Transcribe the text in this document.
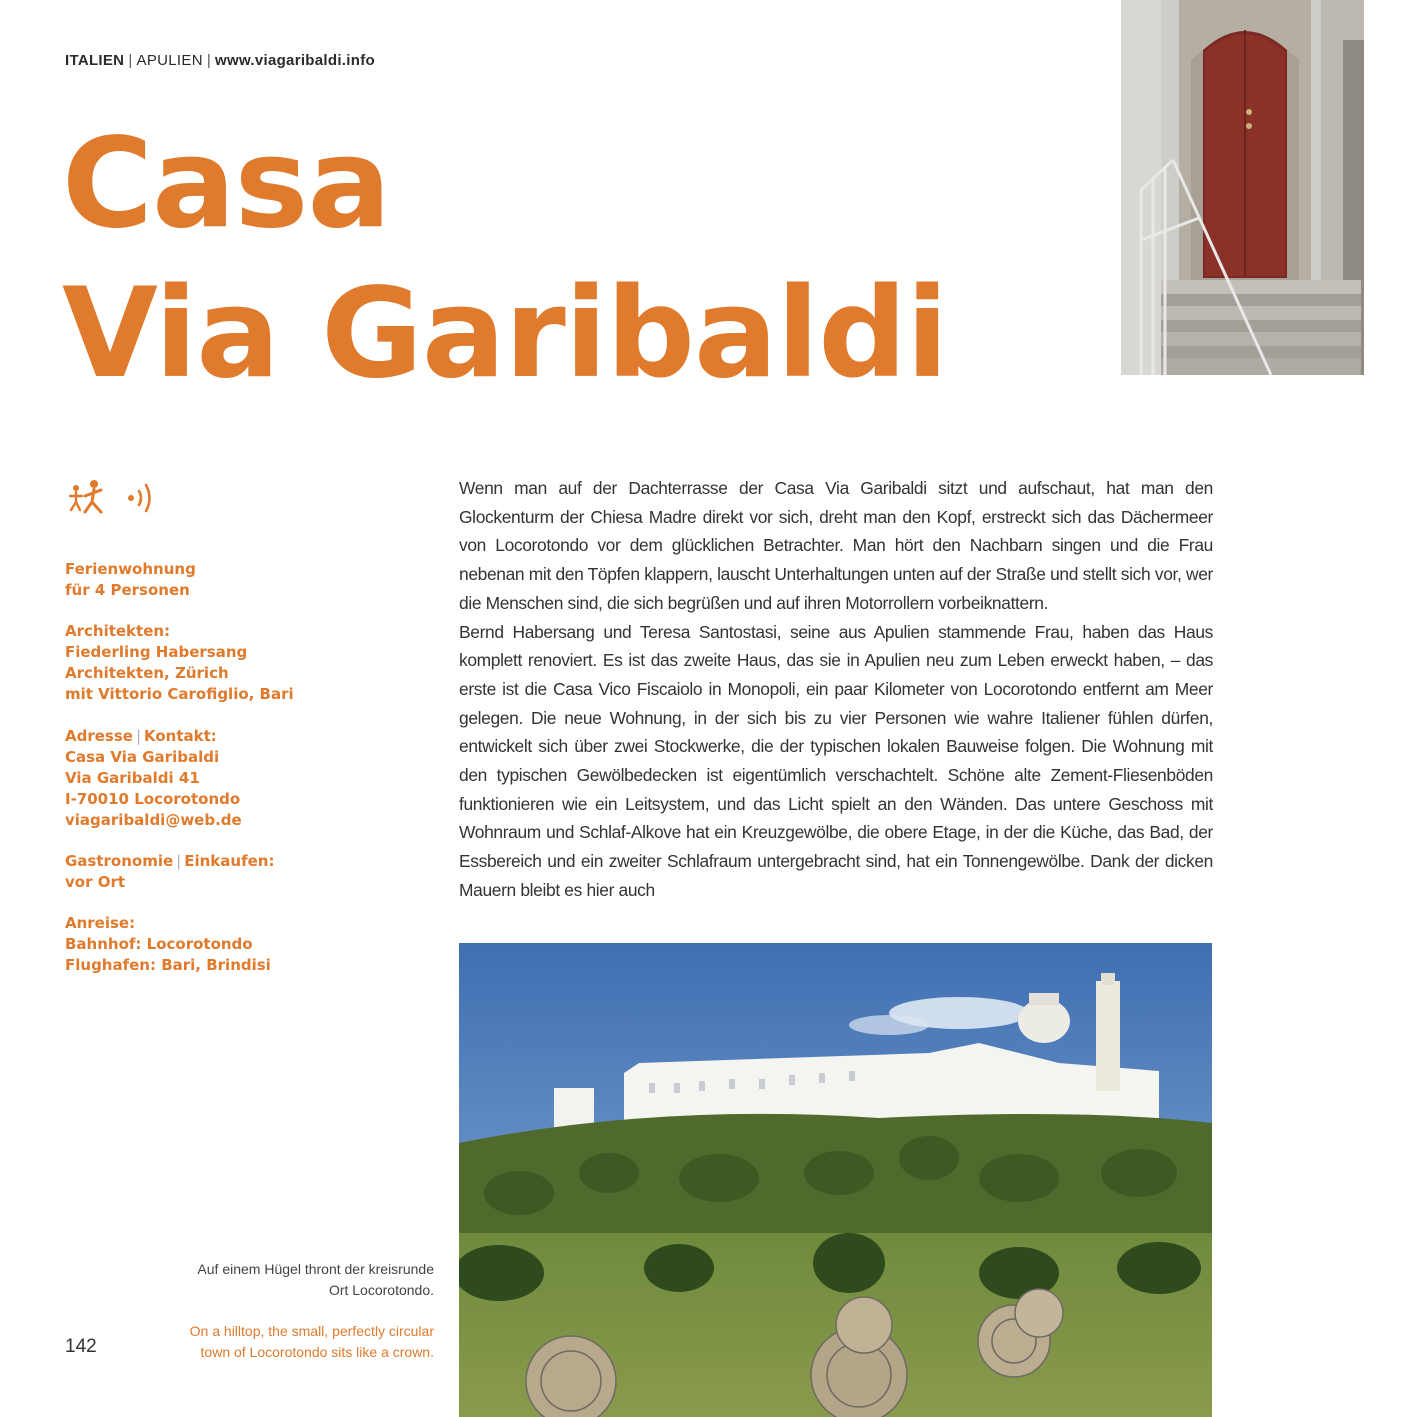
ITALIEN | APULIEN | www.viagaribaldi.info
Casa
Via Garibaldi
Ferienwohnung
für 4 Personen
Architekten:
Fiederling Habersang
Architekten, Zürich
mit Vittorio Carofiglio, Bari
Adresse | Kontakt:
Casa Via Garibaldi
Via Garibaldi 41
I-70010 Locorotondo
viagaribaldi@web.de
Gastronomie | Einkaufen:
vor Ort
Anreise:
Bahnhof: Locorotondo
Flughafen: Bari, Brindisi

Wenn man auf der Dachterrasse der Casa Via Garibaldi sitzt und aufschaut, hat man den Glockenturm der Chiesa Madre direkt vor sich, dreht man den Kopf, erstreckt sich das Dächermeer von Locorotondo vor dem glücklichen Betrachter. Man hört den Nachbarn singen und die Frau nebenan mit den Töpfen klappern, lauscht Unterhaltungen unten auf der Straße und stellt sich vor, wer die Menschen sind, die sich begrüßen und auf ihren Motorrollern vorbeiknattern.

Bernd Habersang und Teresa Santostasi, seine aus Apulien stammende Frau, haben das Haus komplett renoviert. Es ist das zweite Haus, das sie in Apulien neu zum Leben erweckt haben, – das erste ist die Casa Vico Fiscaiolo in Monopoli, ein paar Kilometer von Locorotondo entfernt am Meer gelegen. Die neue Wohnung, in der sich bis zu vier Personen wie wahre Italiener fühlen dürfen, entwickelt sich über zwei Stockwerke, die der typischen lokalen Bauweise folgen. Die Wohnung mit den typischen Gewölbedecken ist eigentümlich verschachtelt. Schöne alte Zement-Fliesenböden funktionieren wie ein Leitsystem, und das Licht spielt an den Wänden. Das untere Geschoss mit Wohnraum und Schlaf-Alkove hat ein Kreuzgewölbe, die obere Etage, in der die Küche, das Bad, der Essbereich und ein zweiter Schlafraum untergebracht sind, hat ein Tonnengewölbe. Dank der dicken Mauern bleibt es hier auch

Auf einem Hügel thront der kreisrunde
Ort Locorotondo.
On a hilltop, the small, perfectly circular
town of Locorotondo sits like a crown.
142
